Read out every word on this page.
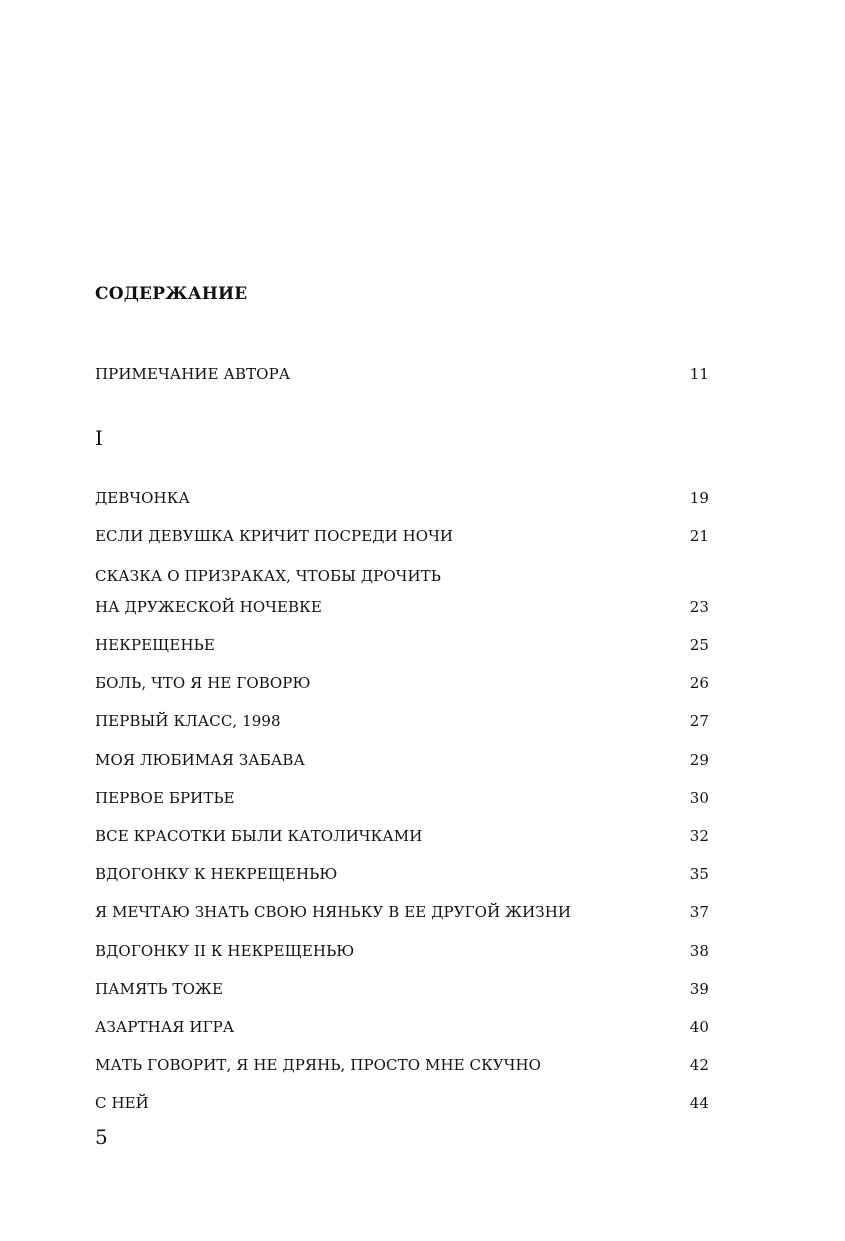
СОДЕРЖАНИЕ
ПРИМЕЧАНИЕ АВТОРА	11
I
ДЕВЧОНКА	19
ЕСЛИ ДЕВУШКА КРИЧИТ ПОСРЕДИ НОЧИ	21
СКАЗКА О ПРИЗРАКАХ, ЧТОБЫ ДРОЧИТЬ
НА ДРУЖЕСКОЙ НОЧЕВКЕ	23
НЕКРЕЩЕНЬЕ	25
БОЛЬ, ЧТО Я НЕ ГОВОРЮ	26
ПЕРВЫЙ КЛАСС, 1998	27
МОЯ ЛЮБИМАЯ ЗАБАВА	29
ПЕРВОЕ БРИТЬЕ	30
ВСЕ КРАСОТКИ БЫЛИ КАТОЛИЧКАМИ	32
ВДОГОНКУ К НЕКРЕЩЕНЬЮ	35
Я МЕЧТАЮ ЗНАТЬ СВОЮ НЯНЬКУ В ЕЕ ДРУГОЙ ЖИЗНИ	37
ВДОГОНКУ II К НЕКРЕЩЕНЬЮ	38
ПАМЯТЬ ТОЖЕ	39
АЗАРТНАЯ ИГРА	40
МАТЬ ГОВОРИТ, Я НЕ ДРЯНЬ, ПРОСТО МНЕ СКУЧНО	42
С НЕЙ	44
5
